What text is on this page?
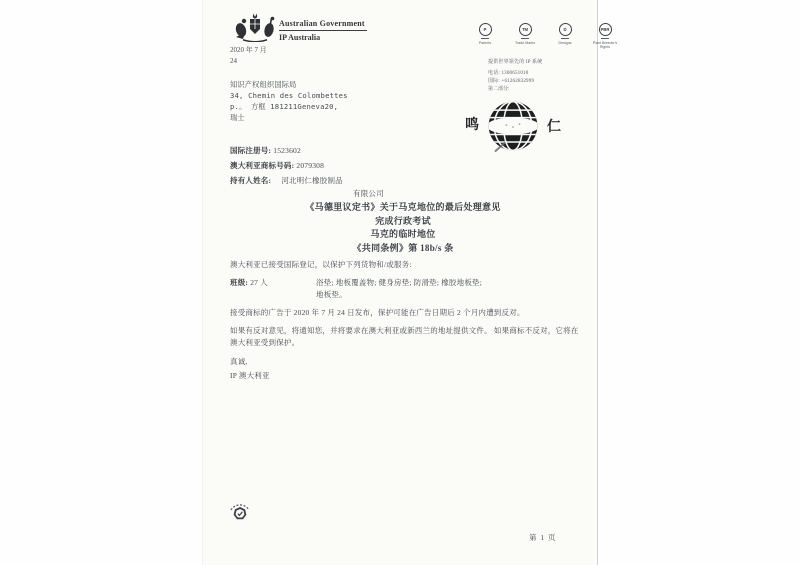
Australian Government
IP Australia
2020 年 7 月
24
P
Patents
TM
Trade Marks
D
Designs
PBR
Plant Breeder's Rights
提供世界领先的 IP 系统
电话: 1300651010
国际: +61262832999
知识产权组织国际局
34, Chemin des Colombettes
p.。 方框 181211Geneva20,
瑞士
第二部分:
鸣	仁
国际注册号: 1523602
澳大利亚商标号码: 2079308
持有人姓名: 河北明仁橡胶制品
有限公司
《马德里议定书》关于马克地位的最后处理意见
完成行政考试
马克的临时地位
《共同条例》第 18b/s 条
澳大利亚已接受国际登记，以保护下列货物和/或服务:
班级: 27 人	浴垫; 地板覆盖物; 健身房垫; 防滑垫; 橡胶地板垫;
地板垫。
接受商标的广告于 2020 年 7 月 24 日发布，保护可能在广告日期后 2 个月内遭到反对。
如果有反对意见，将通知您，并将要求在澳大利亚或新西兰的地址提供文件。 如果商标不反对，它将在澳大利亚受到保护。
真诚,
IP 澳大利亚
第 1 页
